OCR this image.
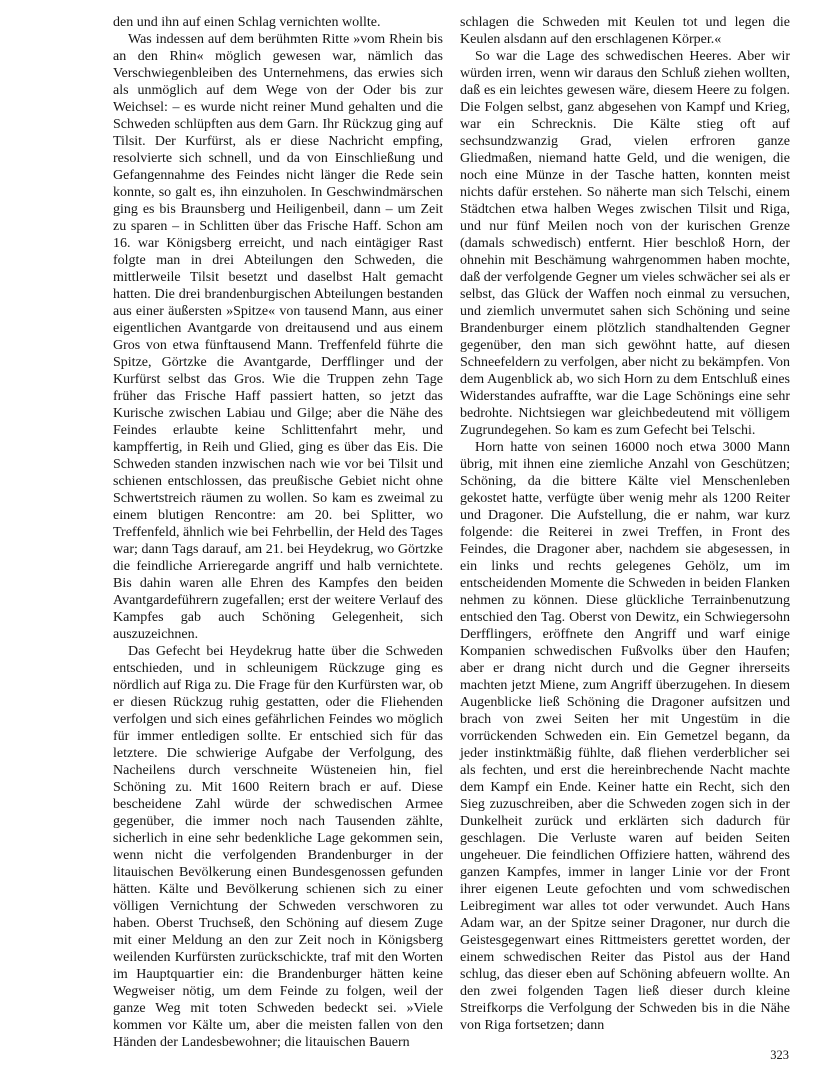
den und ihn auf einen Schlag vernichten wollte.

Was indessen auf dem berühmten Ritte »vom Rhein bis an den Rhin« möglich gewesen war, nämlich das Verschwiegenbleiben des Unternehmens, das erwies sich als unmöglich auf dem Wege von der Oder bis zur Weichsel: – es wurde nicht reiner Mund gehalten und die Schweden schlüpften aus dem Garn. Ihr Rückzug ging auf Tilsit. Der Kurfürst, als er diese Nachricht empfing, resolvierte sich schnell, und da von Einschließung und Gefangennahme des Feindes nicht länger die Rede sein konnte, so galt es, ihn einzuholen. In Geschwindmärschen ging es bis Braunsberg und Heiligenbeil, dann – um Zeit zu sparen – in Schlitten über das Frische Haff. Schon am 16. war Königsberg erreicht, und nach eintägiger Rast folgte man in drei Abteilungen den Schweden, die mittlerweile Tilsit besetzt und daselbst Halt gemacht hatten. Die drei brandenburgischen Abteilungen bestanden aus einer äußersten »Spitze« von tausend Mann, aus einer eigentlichen Avantgarde von dreitausend und aus einem Gros von etwa fünftausend Mann. Treffenfeld führte die Spitze, Görtzke die Avantgarde, Derfflinger und der Kurfürst selbst das Gros. Wie die Truppen zehn Tage früher das Frische Haff passiert hatten, so jetzt das Kurische zwischen Labiau und Gilge; aber die Nähe des Feindes erlaubte keine Schlittenfahrt mehr, und kampffertig, in Reih und Glied, ging es über das Eis. Die Schweden standen inzwischen nach wie vor bei Tilsit und schienen entschlossen, das preußische Gebiet nicht ohne Schwertstreich räumen zu wollen. So kam es zweimal zu einem blutigen Rencontre: am 20. bei Splitter, wo Treffenfeld, ähnlich wie bei Fehrbellin, der Held des Tages war; dann Tags darauf, am 21. bei Heydekrug, wo Görtzke die feindliche Arrieregarde angriff und halb vernichtete. Bis dahin waren alle Ehren des Kampfes den beiden Avantgardeführern zugefallen; erst der weitere Verlauf des Kampfes gab auch Schöning Gelegenheit, sich auszuzeichnen.

Das Gefecht bei Heydekrug hatte über die Schweden entschieden, und in schleunigem Rückzuge ging es nördlich auf Riga zu. Die Frage für den Kurfürsten war, ob er diesen Rückzug ruhig gestatten, oder die Fliehenden verfolgen und sich eines gefährlichen Feindes wo möglich für immer entledigen sollte. Er entschied sich für das letztere. Die schwierige Aufgabe der Verfolgung, des Nacheilens durch verschneite Wüsteneien hin, fiel Schöning zu. Mit 1600 Reitern brach er auf. Diese bescheidene Zahl würde der schwedischen Armee gegenüber, die immer noch nach Tausenden zählte, sicherlich in eine sehr bedenkliche Lage gekommen sein, wenn nicht die verfolgenden Brandenburger in der litauischen Bevölkerung einen Bundesgenossen gefunden hätten. Kälte und Bevölkerung schienen sich zu einer völligen Vernichtung der Schweden verschworen zu haben. Oberst Truchseß, den Schöning auf diesem Zuge mit einer Meldung an den zur Zeit noch in Königsberg weilenden Kurfürsten zurückschickte, traf mit den Worten im Hauptquartier ein: die Brandenburger hätten keine Wegweiser nötig, um dem Feinde zu folgen, weil der ganze Weg mit toten Schweden bedeckt sei. »Viele kommen vor Kälte um, aber die meisten fallen von den Händen der Landesbewohner; die litauischen Bauern

schlagen die Schweden mit Keulen tot und legen die Keulen alsdann auf den erschlagenen Körper.«

So war die Lage des schwedischen Heeres. Aber wir würden irren, wenn wir daraus den Schluß ziehen wollten, daß es ein leichtes gewesen wäre, diesem Heere zu folgen. Die Folgen selbst, ganz abgesehen von Kampf und Krieg, war ein Schrecknis. Die Kälte stieg oft auf sechsundzwanzig Grad, vielen erfroren ganze Gliedmaßen, niemand hatte Geld, und die wenigen, die noch eine Münze in der Tasche hatten, konnten meist nichts dafür erstehen. So näherte man sich Telschi, einem Städtchen etwa halben Weges zwischen Tilsit und Riga, und nur fünf Meilen noch von der kurischen Grenze (damals schwedisch) entfernt. Hier beschloß Horn, der ohnehin mit Beschämung wahrgenommen haben mochte, daß der verfolgende Gegner um vieles schwächer sei als er selbst, das Glück der Waffen noch einmal zu versuchen, und ziemlich unvermutet sahen sich Schöning und seine Brandenburger einem plötzlich standhaltenden Gegner gegenüber, den man sich gewöhnt hatte, auf diesen Schneefeldern zu verfolgen, aber nicht zu bekämpfen. Von dem Augenblick ab, wo sich Horn zu dem Entschluß eines Widerstandes aufraffte, war die Lage Schönings eine sehr bedrohte. Nichtsiegen war gleichbedeutend mit völligem Zugrundegehen. So kam es zum Gefecht bei Telschi.

Horn hatte von seinen 16000 noch etwa 3000 Mann übrig, mit ihnen eine ziemliche Anzahl von Geschützen; Schöning, da die bittere Kälte viel Menschenleben gekostet hatte, verfügte über wenig mehr als 1200 Reiter und Dragoner. Die Aufstellung, die er nahm, war kurz folgende: die Reiterei in zwei Treffen, in Front des Feindes, die Dragoner aber, nachdem sie abgesessen, in ein links und rechts gelegenes Gehölz, um im entscheidenden Momente die Schweden in beiden Flanken nehmen zu können. Diese glückliche Terrainbenutzung entschied den Tag. Oberst von Dewitz, ein Schwiegersohn Derfflingers, eröffnete den Angriff und warf einige Kompanien schwedischen Fußvolks über den Haufen; aber er drang nicht durch und die Gegner ihrerseits machten jetzt Miene, zum Angriff überzugehen. In diesem Augenblicke ließ Schöning die Dragoner aufsitzen und brach von zwei Seiten her mit Ungestüm in die vorrückenden Schweden ein. Ein Gemetzel begann, da jeder instinktmäßig fühlte, daß fliehen verderblicher sei als fechten, und erst die hereinbrechende Nacht machte dem Kampf ein Ende. Keiner hatte ein Recht, sich den Sieg zuzuschreiben, aber die Schweden zogen sich in der Dunkelheit zurück und erklärten sich dadurch für geschlagen. Die Verluste waren auf beiden Seiten ungeheuer. Die feindlichen Offiziere hatten, während des ganzen Kampfes, immer in langer Linie vor der Front ihrer eigenen Leute gefochten und vom schwedischen Leibregiment war alles tot oder verwundet. Auch Hans Adam war, an der Spitze seiner Dragoner, nur durch die Geistesgegenwart eines Rittmeisters gerettet worden, der einem schwedischen Reiter das Pistol aus der Hand schlug, das dieser eben auf Schöning abfeuern wollte. An den zwei folgenden Tagen ließ dieser durch kleine Streifkorps die Verfolgung der Schweden bis in die Nähe von Riga fortsetzen; dann

323
